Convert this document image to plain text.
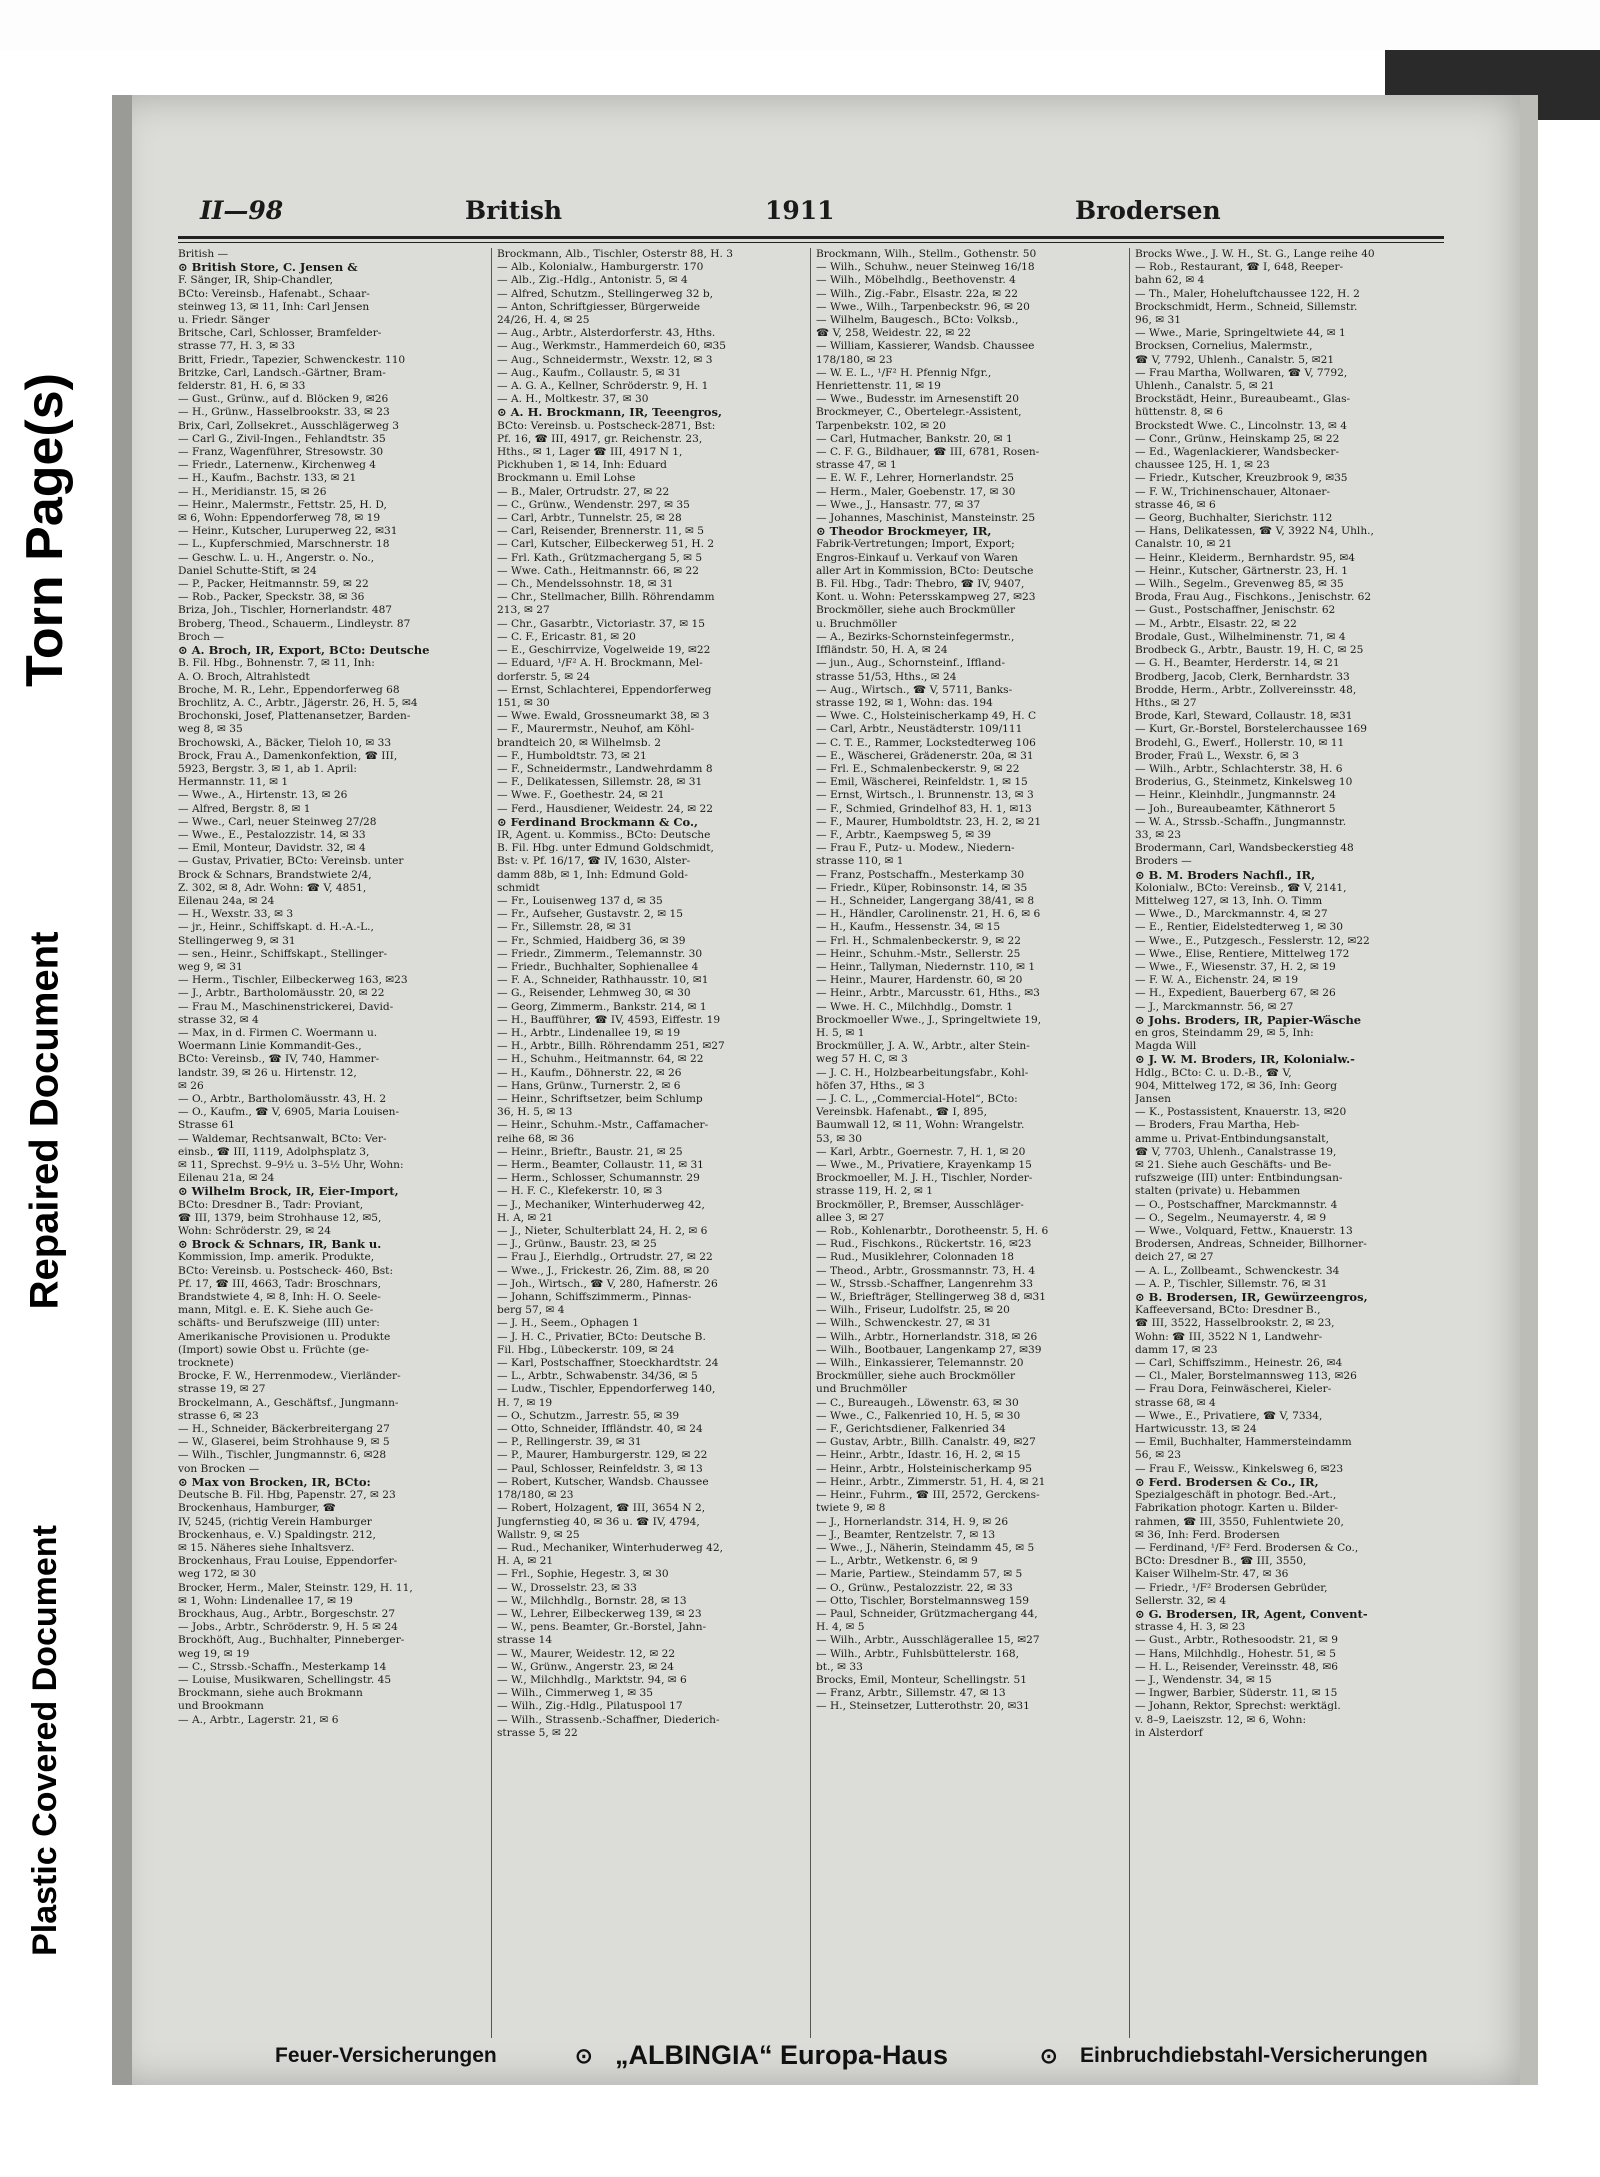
Torn Page(s)
Repaired Document
Plastic Covered Document
II—98	British	1911	Brodersen
British —
⊙ British Store, C. Jensen &
F. Sänger, IR, Ship-Chandler,
BCto: Vereinsb., Hafenabt., Schaar-
steinweg 13, ✉ 11, Inh: Carl Jensen
u. Friedr. Sänger
Britsche, Carl, Schlosser, Bramfelder-
strasse 77, H. 3, ✉ 33
Britt, Friedr., Tapezier, Schwenckestr. 110
Britzke, Carl, Landsch.-Gärtner, Bram-
felderstr. 81, H. 6, ✉ 33
— Gust., Grünw., auf d. Blöcken 9, ✉26
— H., Grünw., Hasselbrookstr. 33, ✉ 23
Brix, Carl, Zollsekret., Ausschlägerweg 3
— Carl G., Zivil-Ingen., Fehlandtstr. 35
— Franz, Wagenführer, Stresowstr. 30
— Friedr., Laternenw., Kirchenweg 4
— H., Kaufm., Bachstr. 133, ✉ 21
— H., Meridianstr. 15, ✉ 26
— Heinr., Malermstr., Fettstr. 25, H. D,
✉ 6, Wohn: Eppendorferweg 78, ✉ 19
— Heinr., Kutscher, Luruperweg 22, ✉31
— L., Kupferschmied, Marschnerstr. 18
— Geschw. L. u. H., Angerstr. o. No.,
Daniel Schutte-Stift, ✉ 24
— P., Packer, Heitmannstr. 59, ✉ 22
— Rob., Packer, Speckstr. 38, ✉ 36
Briza, Joh., Tischler, Hornerlandstr. 487
Broberg, Theod., Schauerm., Lindleystr. 87
Broch —
⊙ A. Broch, IR, Export, BCto: Deutsche
B. Fil. Hbg., Bohnenstr. 7, ✉ 11, Inh:
A. O. Broch, Altrahlstedt
Broche, M. R., Lehr., Eppendorferweg 68
Brochlitz, A. C., Arbtr., Jägerstr. 26, H. 5, ✉4
Brochonski, Josef, Plattenansetzer, Barden-
weg 8, ✉ 35
Brochowski, A., Bäcker, Tieloh 10, ✉ 33
Brock, Frau A., Damenkonfektion, ☎ III,
5923, Bergstr. 3, ✉ 1, ab 1. April:
Hermannstr. 11, ✉ 1
— Wwe., A., Hirtenstr. 13, ✉ 26
— Alfred, Bergstr. 8, ✉ 1
— Wwe., Carl, neuer Steinweg 27/28
— Wwe., E., Pestalozzistr. 14, ✉ 33
— Emil, Monteur, Davidstr. 32, ✉ 4
— Gustav, Privatier, BCto: Vereinsb. unter
Brock & Schnars, Brandstwiete 2/4,
Z. 302, ✉ 8, Adr. Wohn: ☎ V, 4851,
Eilenau 24a, ✉ 24
— H., Wexstr. 33, ✉ 3
— jr., Heinr., Schiffskapt. d. H.-A.-L.,
Stellingerweg 9, ✉ 31
— sen., Heinr., Schiffskapt., Stellinger-
weg 9, ✉ 31
— Herm., Tischler, Eilbeckerweg 163, ✉23
— J., Arbtr., Bartholomäusstr. 20, ✉ 22
— Frau M., Maschinenstrickerei, David-
strasse 32, ✉ 4
— Max, in d. Firmen C. Woermann u.
Woermann Linie Kommandit-Ges.,
BCto: Vereinsb., ☎ IV, 740, Hammer-
landstr. 39, ✉ 26 u. Hirtenstr. 12,
✉ 26
— O., Arbtr., Bartholomäusstr. 43, H. 2
— O., Kaufm., ☎ V, 6905, Maria Louisen-
Strasse 61
— Waldemar, Rechtsanwalt, BCto: Ver-
einsb., ☎ III, 1119, Adolphsplatz 3,
✉ 11, Sprechst. 9–9½ u. 3–5½ Uhr, Wohn:
Eilenau 21a, ✉ 24
⊙ Wilhelm Brock, IR, Eier-Import,
BCto: Dresdner B., Tadr: Proviant,
☎ III, 1379, beim Strohhause 12, ✉5,
Wohn: Schröderstr. 29, ✉ 24
⊙ Brock & Schnars, IR, Bank u.
Kommission, Imp. amerik. Produkte,
BCto: Vereinsb. u. Postscheck- 460, Bst:
Pf. 17, ☎ III, 4663, Tadr: Broschnars,
Brandstwiete 4, ✉ 8, Inh: H. O. Seele-
mann, Mitgl. e. E. K. Siehe auch Ge-
schäfts- und Berufszweige (III) unter:
Amerikanische Provisionen u. Produkte
(Import) sowie Obst u. Früchte (ge-
trocknete)
Brocke, F. W., Herrenmodew., Vierländer-
strasse 19, ✉ 27
Brockelmann, A., Geschäftsf., Jungmann-
strasse 6, ✉ 23
— H., Schneider, Bäckerbreitergang 27
— W., Glaserei, beim Strohhause 9, ✉ 5
— Wilh., Tischler, Jungmannstr. 6, ✉28
von Brocken —
⊙ Max von Brocken, IR, BCto:
Deutsche B. Fil. Hbg, Papenstr. 27, ✉ 23
Brockenhaus, Hamburger, ☎
IV, 5245, (richtig Verein Hamburger
Brockenhaus, e. V.) Spaldingstr. 212,
✉ 15. Näheres siehe Inhaltsverz.
Brockenhaus, Frau Louise, Eppendorfer-
weg 172, ✉ 30
Brocker, Herm., Maler, Steinstr. 129, H. 11,
✉ 1, Wohn: Lindenallee 17, ✉ 19
Brockhaus, Aug., Arbtr., Borgeschstr. 27
— Jobs., Arbtr., Schröderstr. 9, H. 5 ✉ 24
Brockhöft, Aug., Buchhalter, Pinneberger-
weg 19, ✉ 19
— C., Strssb.-Schaffn., Mesterkamp 14
— Louise, Musikwaren, Schellingstr. 45
Brockmann, siehe auch Brokmann
und Brookmann
— A., Arbtr., Lagerstr. 21, ✉ 6
Brockmann, Alb., Tischler, Osterstr 88, H. 3
— Alb., Kolonialw., Hamburgerstr. 170
— Alb., Zig.-Hdlg., Antonistr. 5, ✉ 4
— Alfred, Schutzm., Stellingerweg 32 b,
— Anton, Schriftgiesser, Bürgerweide
24/26, H. 4, ✉ 25
— Aug., Arbtr., Alsterdorferstr. 43, Hths.
— Aug., Werkmstr., Hammerdeich 60, ✉35
— Aug., Schneidermstr., Wexstr. 12, ✉ 3
— Aug., Kaufm., Collaustr. 5, ✉ 31
— A. G. A., Kellner, Schröderstr. 9, H. 1
— A. H., Moltkestr. 37, ✉ 30
⊙ A. H. Brockmann, IR, Teeengros,
BCto: Vereinsb. u. Postscheck-2871, Bst:
Pf. 16, ☎ III, 4917, gr. Reichenstr. 23,
Hths., ✉ 1, Lager ☎ III, 4917 N 1,
Pickhuben 1, ✉ 14, Inh: Eduard
Brockmann u. Emil Lohse
— B., Maler, Ortrudstr. 27, ✉ 22
— C., Grünw., Wendenstr. 297, ✉ 35
— Carl, Arbtr., Tunnelstr. 25, ✉ 28
— Carl, Reisender, Brennerstr. 11, ✉ 5
— Carl, Kutscher, Eilbeckerweg 51, H. 2
— Frl. Kath., Grützmachergang 5, ✉ 5
— Wwe. Cath., Heitmannstr. 66, ✉ 22
— Ch., Mendelssohnstr. 18, ✉ 31
— Chr., Stellmacher, Billh. Röhrendamm
213, ✉ 27
— Chr., Gasarbtr., Victoriastr. 37, ✉ 15
— C. F., Ericastr. 81, ✉ 20
— E., Geschirrvize, Vogelweide 19, ✉22
— Eduard, ¹/F² A. H. Brockmann, Mel-
dorferstr. 5, ✉ 24
— Ernst, Schlachterei, Eppendorferweg
151, ✉ 30
— Wwe. Ewald, Grossneumarkt 38, ✉ 3
— F., Maurermstr., Neuhof, am Köhl-
brandteich 20, ✉ Wilhelmsb. 2
— F., Humboldtstr. 73, ✉ 21
— F., Schneidermstr., Landwehrdamm 8
— F., Delikatessen, Sillemstr. 28, ✉ 31
— Wwe. F., Goethestr. 24, ✉ 21
— Ferd., Hausdiener, Weidestr. 24, ✉ 22
⊙ Ferdinand Brockmann & Co.,
IR, Agent. u. Kommiss., BCto: Deutsche
B. Fil. Hbg. unter Edmund Goldschmidt,
Bst: v. Pf. 16/17, ☎ IV, 1630, Alster-
damm 88b, ✉ 1, Inh: Edmund Gold-
schmidt
— Fr., Louisenweg 137 d, ✉ 35
— Fr., Aufseher, Gustavstr. 2, ✉ 15
— Fr., Sillemstr. 28, ✉ 31
— Fr., Schmied, Haidberg 36, ✉ 39
— Friedr., Zimmerm., Telemannstr. 30
— Friedr., Buchhalter, Sophienallee 4
— F. A., Schneider, Rathhausstr. 10, ✉1
— G., Reisender, Lehmweg 30, ✉ 30
— Georg, Zimmerm., Bankstr. 214, ✉ 1
— H., Baufführer, ☎ IV, 4593, Eiffestr. 19
— H., Arbtr., Lindenallee 19, ✉ 19
— H., Arbtr., Billh. Röhrendamm 251, ✉27
— H., Schuhm., Heitmannstr. 64, ✉ 22
— H., Kaufm., Döhnerstr. 22, ✉ 26
— Hans, Grünw., Turnerstr. 2, ✉ 6
— Heinr., Schriftsetzer, beim Schlump
36, H. 5, ✉ 13
— Heinr., Schuhm.-Mstr., Caffamacher-
reihe 68, ✉ 36
— Heinr., Brieftr., Baustr. 21, ✉ 25
— Herm., Beamter, Collaustr. 11, ✉ 31
— Herm., Schlosser, Schumannstr. 29
— H. F. C., Klefekerstr. 10, ✉ 3
— J., Mechaniker, Winterhuderweg 42,
H. A, ✉ 21
— J., Nieter, Schulterblatt 24, H. 2, ✉ 6
— J., Grünw., Baustr. 23, ✉ 25
— Frau J., Eierhdlg., Ortrudstr. 27, ✉ 22
— Wwe., J., Frickestr. 26, Zim. 88, ✉ 20
— Joh., Wirtsch., ☎ V, 280, Hafnerstr. 26
— Johann, Schiffszimmerm., Pinnas-
berg 57, ✉ 4
— J. H., Seem., Ophagen 1
— J. H. C., Privatier, BCto: Deutsche B.
Fil. Hbg., Lübeckerstr. 109, ✉ 24
— Karl, Postschaffner, Stoeckhardtstr. 24
— L., Arbtr., Schwabenstr. 34/36, ✉ 5
— Ludw., Tischler, Eppendorferweg 140,
H. 7, ✉ 19
— O., Schutzm., Jarrestr. 55, ✉ 39
— Otto, Schneider, Iffländstr. 40, ✉ 24
— P., Rellingerstr. 39, ✉ 31
— P., Maurer, Hamburgerstr. 129, ✉ 22
— Paul, Schlosser, Reinfeldstr. 3, ✉ 13
— Robert, Kutscher, Wandsb. Chaussee
178/180, ✉ 23
— Robert, Holzagent, ☎ III, 3654 N 2,
Jungfernstieg 40, ✉ 36 u. ☎ IV, 4794,
Wallstr. 9, ✉ 25
— Rud., Mechaniker, Winterhuderweg 42,
H. A, ✉ 21
— Frl., Sophie, Hegestr. 3, ✉ 30
— W., Drosselstr. 23, ✉ 33
— W., Milchhdlg., Bornstr. 28, ✉ 13
— W., Lehrer, Eilbeckerweg 139, ✉ 23
— W., pens. Beamter, Gr.-Borstel, Jahn-
strasse 14
— W., Maurer, Weidestr. 12, ✉ 22
— W., Grünw., Angerstr. 23, ✉ 24
— W., Milchhdlg., Marktstr. 94, ✉ 6
— Wilh., Cimmerweg 1, ✉ 35
— Wilh., Zig.-Hdlg., Pilatuspool 17
— Wilh., Strassenb.-Schaffner, Diederich-
strasse 5, ✉ 22
Brockmann, Wilh., Stellm., Gothenstr. 50
— Wilh., Schuhw., neuer Steinweg 16/18
— Wilh., Möbelhdlg., Beethovenstr. 4
— Wilh., Zig.-Fabr., Elsastr. 22a, ✉ 22
— Wwe., Wilh., Tarpenbeckstr. 96, ✉ 20
— Wilhelm, Baugesch., BCto: Volksb.,
☎ V, 258, Weidestr. 22, ✉ 22
— William, Kassierer, Wandsb. Chaussee
178/180, ✉ 23
— W. E. L., ¹/F² H. Pfennig Nfgr.,
Henriettenstr. 11, ✉ 19
— Wwe., Budesstr. im Arnesenstift 20
Brockmeyer, C., Obertelegr.-Assistent,
Tarpenbekstr. 102, ✉ 20
— Carl, Hutmacher, Bankstr. 20, ✉ 1
— C. F. G., Bildhauer, ☎ III, 6781, Rosen-
strasse 47, ✉ 1
— E. W. F., Lehrer, Hornerlandstr. 25
— Herm., Maler, Goebenstr. 17, ✉ 30
— Wwe., J., Hansastr. 77, ✉ 37
— Johannes, Maschinist, Mansteinstr. 25
⊙ Theodor Brockmeyer, IR,
Fabrik-Vertretungen; Import, Export;
Engros-Einkauf u. Verkauf von Waren
aller Art in Kommission, BCto: Deutsche
B. Fil. Hbg., Tadr: Thebro, ☎ IV, 9407,
Kont. u. Wohn: Petersskampweg 27, ✉23
Brockmöller, siehe auch Brockmüller
u. Bruchmöller
— A., Bezirks-Schornsteinfegermstr.,
Iffländstr. 50, H. A, ✉ 24
— jun., Aug., Schornsteinf., Iffland-
strasse 51/53, Hths., ✉ 24
— Aug., Wirtsch., ☎ V, 5711, Banks-
strasse 192, ✉ 1, Wohn: das. 194
— Wwe. C., Holsteinischerkamp 49, H. C
— Carl, Arbtr., Neustädterstr. 109/111
— C. T. E., Rammer, Lockstedterweg 106
— E., Wäscherei, Grädenerstr. 20a, ✉ 31
— Frl. E., Schmalenbeckerstr. 9, ✉ 22
— Emil, Wäscherei, Reinfeldstr. 1, ✉ 15
— Ernst, Wirtsch., l. Brunnenstr. 13, ✉ 3
— F., Schmied, Grindelhof 83, H. 1, ✉13
— F., Maurer, Humboldtstr. 23, H. 2, ✉ 21
— F., Arbtr., Kaempsweg 5, ✉ 39
— Frau F., Putz- u. Modew., Niedern-
strasse 110, ✉ 1
— Franz, Postschaffn., Mesterkamp 30
— Friedr., Küper, Robinsonstr. 14, ✉ 35
— H., Schneider, Langergang 38/41, ✉ 8
— H., Händler, Carolinenstr. 21, H. 6, ✉ 6
— H., Kaufm., Hessenstr. 34, ✉ 15
— Frl. H., Schmalenbeckerstr. 9, ✉ 22
— Heinr., Schuhm.-Mstr., Sellerstr. 25
— Heinr., Tallyman, Niedernstr. 110, ✉ 1
— Heinr., Maurer, Hardenstr. 60, ✉ 20
— Heinr., Arbtr., Marcusstr. 61, Hths., ✉3
— Wwe. H. C., Milchhdlg., Domstr. 1
Brockmoeller Wwe., J., Springeltwiete 19,
H. 5, ✉ 1
Brockmüller, J. A. W., Arbtr., alter Stein-
weg 57 H. C, ✉ 3
— J. C. H., Holzbearbeitungsfabr., Kohl-
höfen 37, Hths., ✉ 3
— J. C. L., „Commercial-Hotel“, BCto:
Vereinsbk. Hafenabt., ☎ I, 895,
Baumwall 12, ✉ 11, Wohn: Wrangelstr.
53, ✉ 30
— Karl, Arbtr., Goernestr. 7, H. 1, ✉ 20
— Wwe., M., Privatiere, Krayenkamp 15
Brockmoeller, M. J. H., Tischler, Norder-
strasse 119, H. 2, ✉ 1
Brockmöller, P., Bremser, Ausschläger-
allee 3, ✉ 27
— Rob., Kohlenarbtr., Dorotheenstr. 5, H. 6
— Rud., Fischkons., Rückertstr. 16, ✉23
— Rud., Musiklehrer, Colonnaden 18
— Theod., Arbtr., Grossmannstr. 73, H. 4
— W., Strssb.-Schaffner, Langenrehm 33
— W., Briefträger, Stellingerweg 38 d, ✉31
— Wilh., Friseur, Ludolfstr. 25, ✉ 20
— Wilh., Schwenckestr. 27, ✉ 31
— Wilh., Arbtr., Hornerlandstr. 318, ✉ 26
— Wilh., Bootbauer, Langenkamp 27, ✉39
— Wilh., Einkassierer, Telemannstr. 20
Brockmüller, siehe auch Brockmöller
und Bruchmöller
— C., Bureaugeh., Löwenstr. 63, ✉ 30
— Wwe., C., Falkenried 10, H. 5, ✉ 30
— F., Gerichtsdiener, Falkenried 34
— Gustav, Arbtr., Billh. Canalstr. 49, ✉27
— Heinr., Arbtr., Idastr. 16, H. 2, ✉ 15
— Heinr., Arbtr., Holsteinischerkamp 95
— Heinr., Arbtr., Zimmerstr. 51, H. 4, ✉ 21
— Heinr., Fuhrm., ☎ III, 2572, Gerckens-
twiete 9, ✉ 8
— J., Hornerlandstr. 314, H. 9, ✉ 26
— J., Beamter, Rentzelstr. 7, ✉ 13
— Wwe., J., Näherin, Steindamm 45, ✉ 5
— L., Arbtr., Wetkenstr. 6, ✉ 9
— Marie, Partiew., Steindamm 57, ✉ 5
— O., Grünw., Pestalozzistr. 22, ✉ 33
— Otto, Tischler, Borstelmannsweg 159
— Paul, Schneider, Grützmachergang 44,
H. 4, ✉ 5
— Wilh., Arbtr., Ausschlägerallee 15, ✉27
— Wilh., Arbtr., Fuhlsbüttelerstr. 168,
bt., ✉ 33
Brocks, Emil, Monteur, Schellingstr. 51
— Franz, Arbtr., Sillemstr. 47, ✉ 13
— H., Steinsetzer, Lutterothstr. 20, ✉31
Brocks Wwe., J. W. H., St. G., Lange reihe 40
— Rob., Restaurant, ☎ I, 648, Reeper-
bahn 62, ✉ 4
— Th., Maler, Hoheluftchaussee 122, H. 2
Brockschmidt, Herm., Schneid, Sillemstr.
96, ✉ 31
— Wwe., Marie, Springeltwiete 44, ✉ 1
Brocksen, Cornelius, Malermstr.,
☎ V, 7792, Uhlenh., Canalstr. 5, ✉21
— Frau Martha, Wollwaren, ☎ V, 7792,
Uhlenh., Canalstr. 5, ✉ 21
Brockstädt, Heinr., Bureaubeamt., Glas-
hüttenstr. 8, ✉ 6
Brockstedt Wwe. C., Lincolnstr. 13, ✉ 4
— Conr., Grünw., Heinskamp 25, ✉ 22
— Ed., Wagenlackierer, Wandsbecker-
chaussee 125, H. 1, ✉ 23
— Friedr., Kutscher, Kreuzbrook 9, ✉35
— F. W., Trichinenschauer, Altonaer-
strasse 46, ✉ 6
— Georg, Buchhalter, Sierichstr. 112
— Hans, Delikatessen, ☎ V, 3922 N4, Uhlh.,
Canalstr. 10, ✉ 21
— Heinr., Kleiderm., Bernhardstr. 95, ✉4
— Heinr., Kutscher, Gärtnerstr. 23, H. 1
— Wilh., Segelm., Grevenweg 85, ✉ 35
Broda, Frau Aug., Fischkons., Jenischstr. 62
— Gust., Postschaffner, Jenischstr. 62
— M., Arbtr., Elsastr. 22, ✉ 22
Brodale, Gust., Wilhelminenstr. 71, ✉ 4
Brodbeck G., Arbtr., Baustr. 19, H. C, ✉ 25
— G. H., Beamter, Herderstr. 14, ✉ 21
Brodberg, Jacob, Clerk, Bernhardstr. 33
Brodde, Herm., Arbtr., Zollvereinsstr. 48,
Hths., ✉ 27
Brode, Karl, Steward, Collaustr. 18, ✉31
— Kurt, Gr.-Borstel, Borstelerchaussee 169
Brodehl, G., Ewerf., Hollerstr. 10, ✉ 11
Broder, Fraü L., Wexstr. 6, ✉ 3
— Wilh., Arbtr., Schlachterstr. 38, H. 6
Broderius, G., Steinmetz, Kinkelsweg 10
— Heinr., Kleinhdlr., Jungmannstr. 24
— Joh., Bureaubeamter, Käthnerort 5
— W. A., Strssb.-Schaffn., Jungmannstr.
33, ✉ 23
Brodermann, Carl, Wandsbeckerstieg 48
Broders —
⊙ B. M. Broders Nachfl., IR,
Kolonialw., BCto: Vereinsb., ☎ V, 2141,
Mittelweg 127, ✉ 13, Inh. O. Timm
— Wwe., D., Marckmannstr. 4, ✉ 27
— E., Rentier, Eidelstedterweg 1, ✉ 30
— Wwe., E., Putzgesch., Fesslerstr. 12, ✉22
— Wwe., Elise, Rentiere, Mittelweg 172
— Wwe., F., Wiesenstr. 37, H. 2, ✉ 19
— F. W. A., Eichenstr. 24, ✉ 19
— H., Expedient, Bauerberg 67, ✉ 26
— J., Marckmannstr. 56, ✉ 27
⊙ Johs. Broders, IR, Papier-Wäsche
en gros, Steindamm 29, ✉ 5, Inh:
Magda Will
⊙ J. W. M. Broders, IR, Kolonialw.-
Hdlg., BCto: C. u. D.-B., ☎ V,
904, Mittelweg 172, ✉ 36, Inh: Georg
Jansen
— K., Postassistent, Knauerstr. 13, ✉20
— Broders, Frau Martha, Heb-
amme u. Privat-Entbindungsanstalt,
☎ V, 7703, Uhlenh., Canalstrasse 19,
✉ 21. Siehe auch Geschäfts- und Be-
rufszweige (III) unter: Entbindungsan-
stalten (private) u. Hebammen
— O., Postschaffner, Marckmannstr. 4
— O., Segelm., Neumayerstr. 4, ✉ 9
— Wwe., Volquard, Fettw., Knauerstr. 13
Brodersen, Andreas, Schneider, Billhorner-
deich 27, ✉ 27
— A. L., Zollbeamt., Schwenckestr. 34
— A. P., Tischler, Sillemstr. 76, ✉ 31
⊙ B. Brodersen, IR, Gewürzeengros,
Kaffeeversand, BCto: Dresdner B.,
☎ III, 3522, Hasselbrookstr. 2, ✉ 23,
Wohn: ☎ III, 3522 N 1, Landwehr-
damm 17, ✉ 23
— Carl, Schiffszimm., Heinestr. 26, ✉4
— Cl., Maler, Borstelmannsweg 113, ✉26
— Frau Dora, Feinwäscherei, Kieler-
strasse 68, ✉ 4
— Wwe., E., Privatiere, ☎ V, 7334,
Hartwicusstr. 13, ✉ 24
— Emil, Buchhalter, Hammersteindamm
56, ✉ 23
— Frau F., Weissw., Kinkelsweg 6, ✉23
⊙ Ferd. Brodersen & Co., IR,
Spezialgeschäft in photogr. Bed.-Art.,
Fabrikation photogr. Karten u. Bilder-
rahmen, ☎ III, 3550, Fuhlentwiete 20,
✉ 36, Inh: Ferd. Brodersen
— Ferdinand, ¹/F² Ferd. Brodersen & Co.,
BCto: Dresdner B., ☎ III, 3550,
Kaiser Wilhelm-Str. 47, ✉ 36
— Friedr., ¹/F² Brodersen Gebrüder,
Sellerstr. 32, ✉ 4
⊙ G. Brodersen, IR, Agent, Convent-
strasse 4, H. 3, ✉ 23
— Gust., Arbtr., Rothesoodstr. 21, ✉ 9
— Hans, Milchhdlg., Hohestr. 51, ✉ 5
— H. L., Reisender, Vereinsstr. 48, ✉6
— J., Wendenstr. 34, ✉ 15
— Ingwer, Barbier, Süderstr. 11, ✉ 15
— Johann, Rektor, Sprechst: werktägl.
v. 8–9, Laeiszstr. 12, ✉ 6, Wohn:
in Alsterdorf
Feuer-Versicherungen	⊙ „ALBINGIA“ Europa-Haus	⊙ Einbruchdiebstahl-Versicherungen
